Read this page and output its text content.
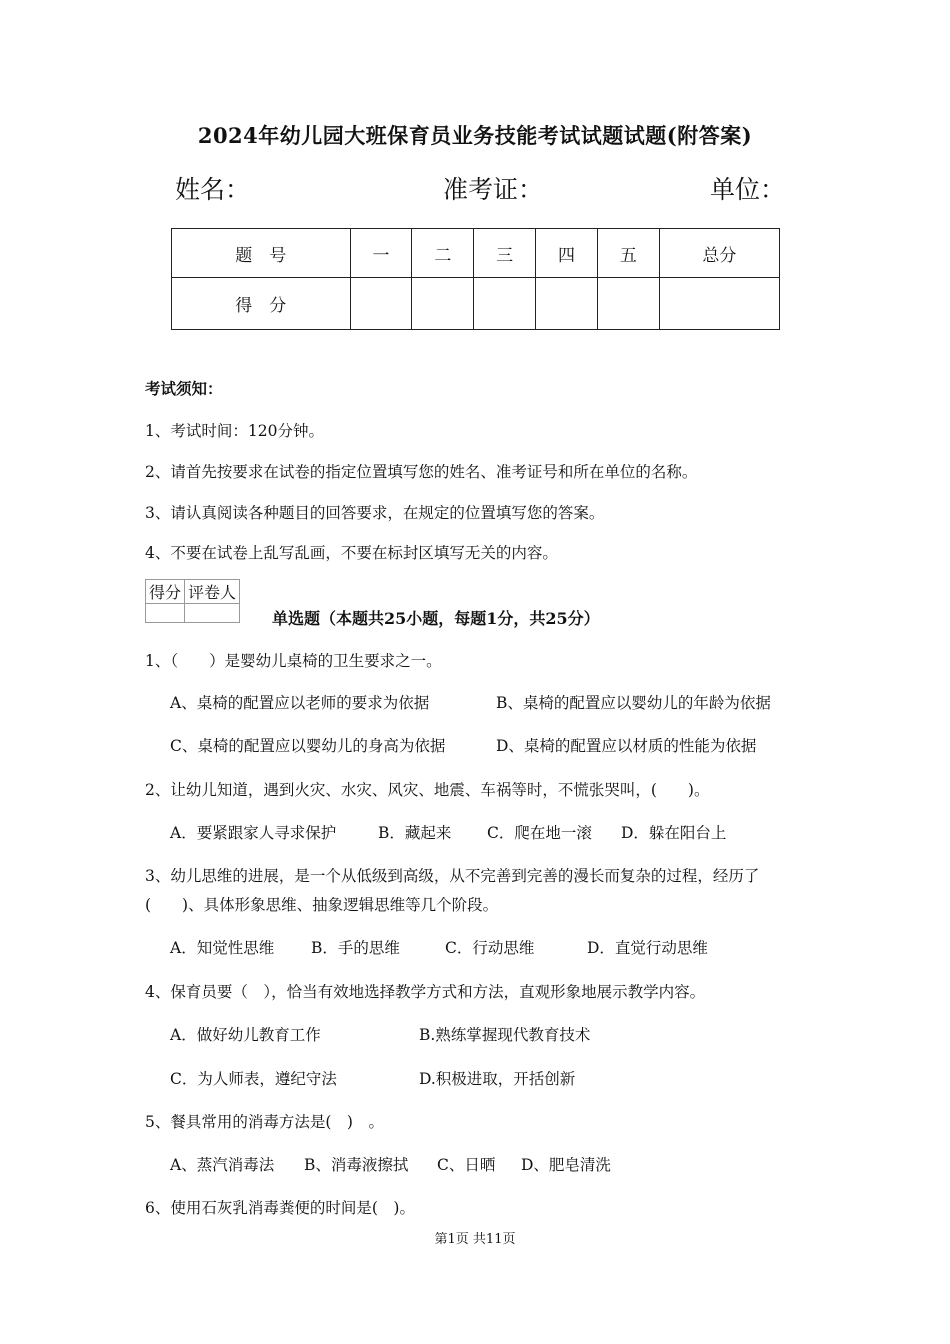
2024年幼儿园大班保育员业务技能考试试题试题(附答案)
姓名：	准考证：	单位：
题　号	一	二	三	四	五	总分
得　分						
考试须知：
1、考试时间：120分钟。
2、请首先按要求在试卷的指定位置填写您的姓名、准考证号和所在单位的名称。
3、请认真阅读各种题目的回答要求，在规定的位置填写您的答案。
4、不要在试卷上乱写乱画，不要在标封区填写无关的内容。
得分	评卷人

单选题（本题共25小题，每题1分，共25分）
1、（　　）是婴幼儿桌椅的卫生要求之一。
A、桌椅的配置应以老师的要求为依据	B、桌椅的配置应以婴幼儿的年龄为依据
C、桌椅的配置应以婴幼儿的身高为依据	D、桌椅的配置应以材质的性能为依据
2、让幼儿知道，遇到火灾、水灾、风灾、地震、车祸等时，不慌张哭叫，(　　)。
A．要紧跟家人寻求保护	B．藏起来 C．爬在地一滚 D．躲在阳台上
3、幼儿思维的进展，是一个从低级到高级，从不完善到完善的漫长而复杂的过程，经历了
(　　)、具体形象思维、抽象逻辑思维等几个阶段。
A．知觉性思维 B．手的思维	C．行动思维	D．直觉行动思维
4、保育员要（　），恰当有效地选择教学方式和方法，直观形象地展示教学内容。
A．做好幼儿教育工作	B.熟练掌握现代教育技术
C．为人师表，遵纪守法	D.积极进取，开括创新
5、餐具常用的消毒方法是(　)　。
A、蒸汽消毒法 B、消毒液擦拭 C、日晒 D、肥皂清洗
6、使用石灰乳消毒粪便的时间是(　)。
第1页 共11页
